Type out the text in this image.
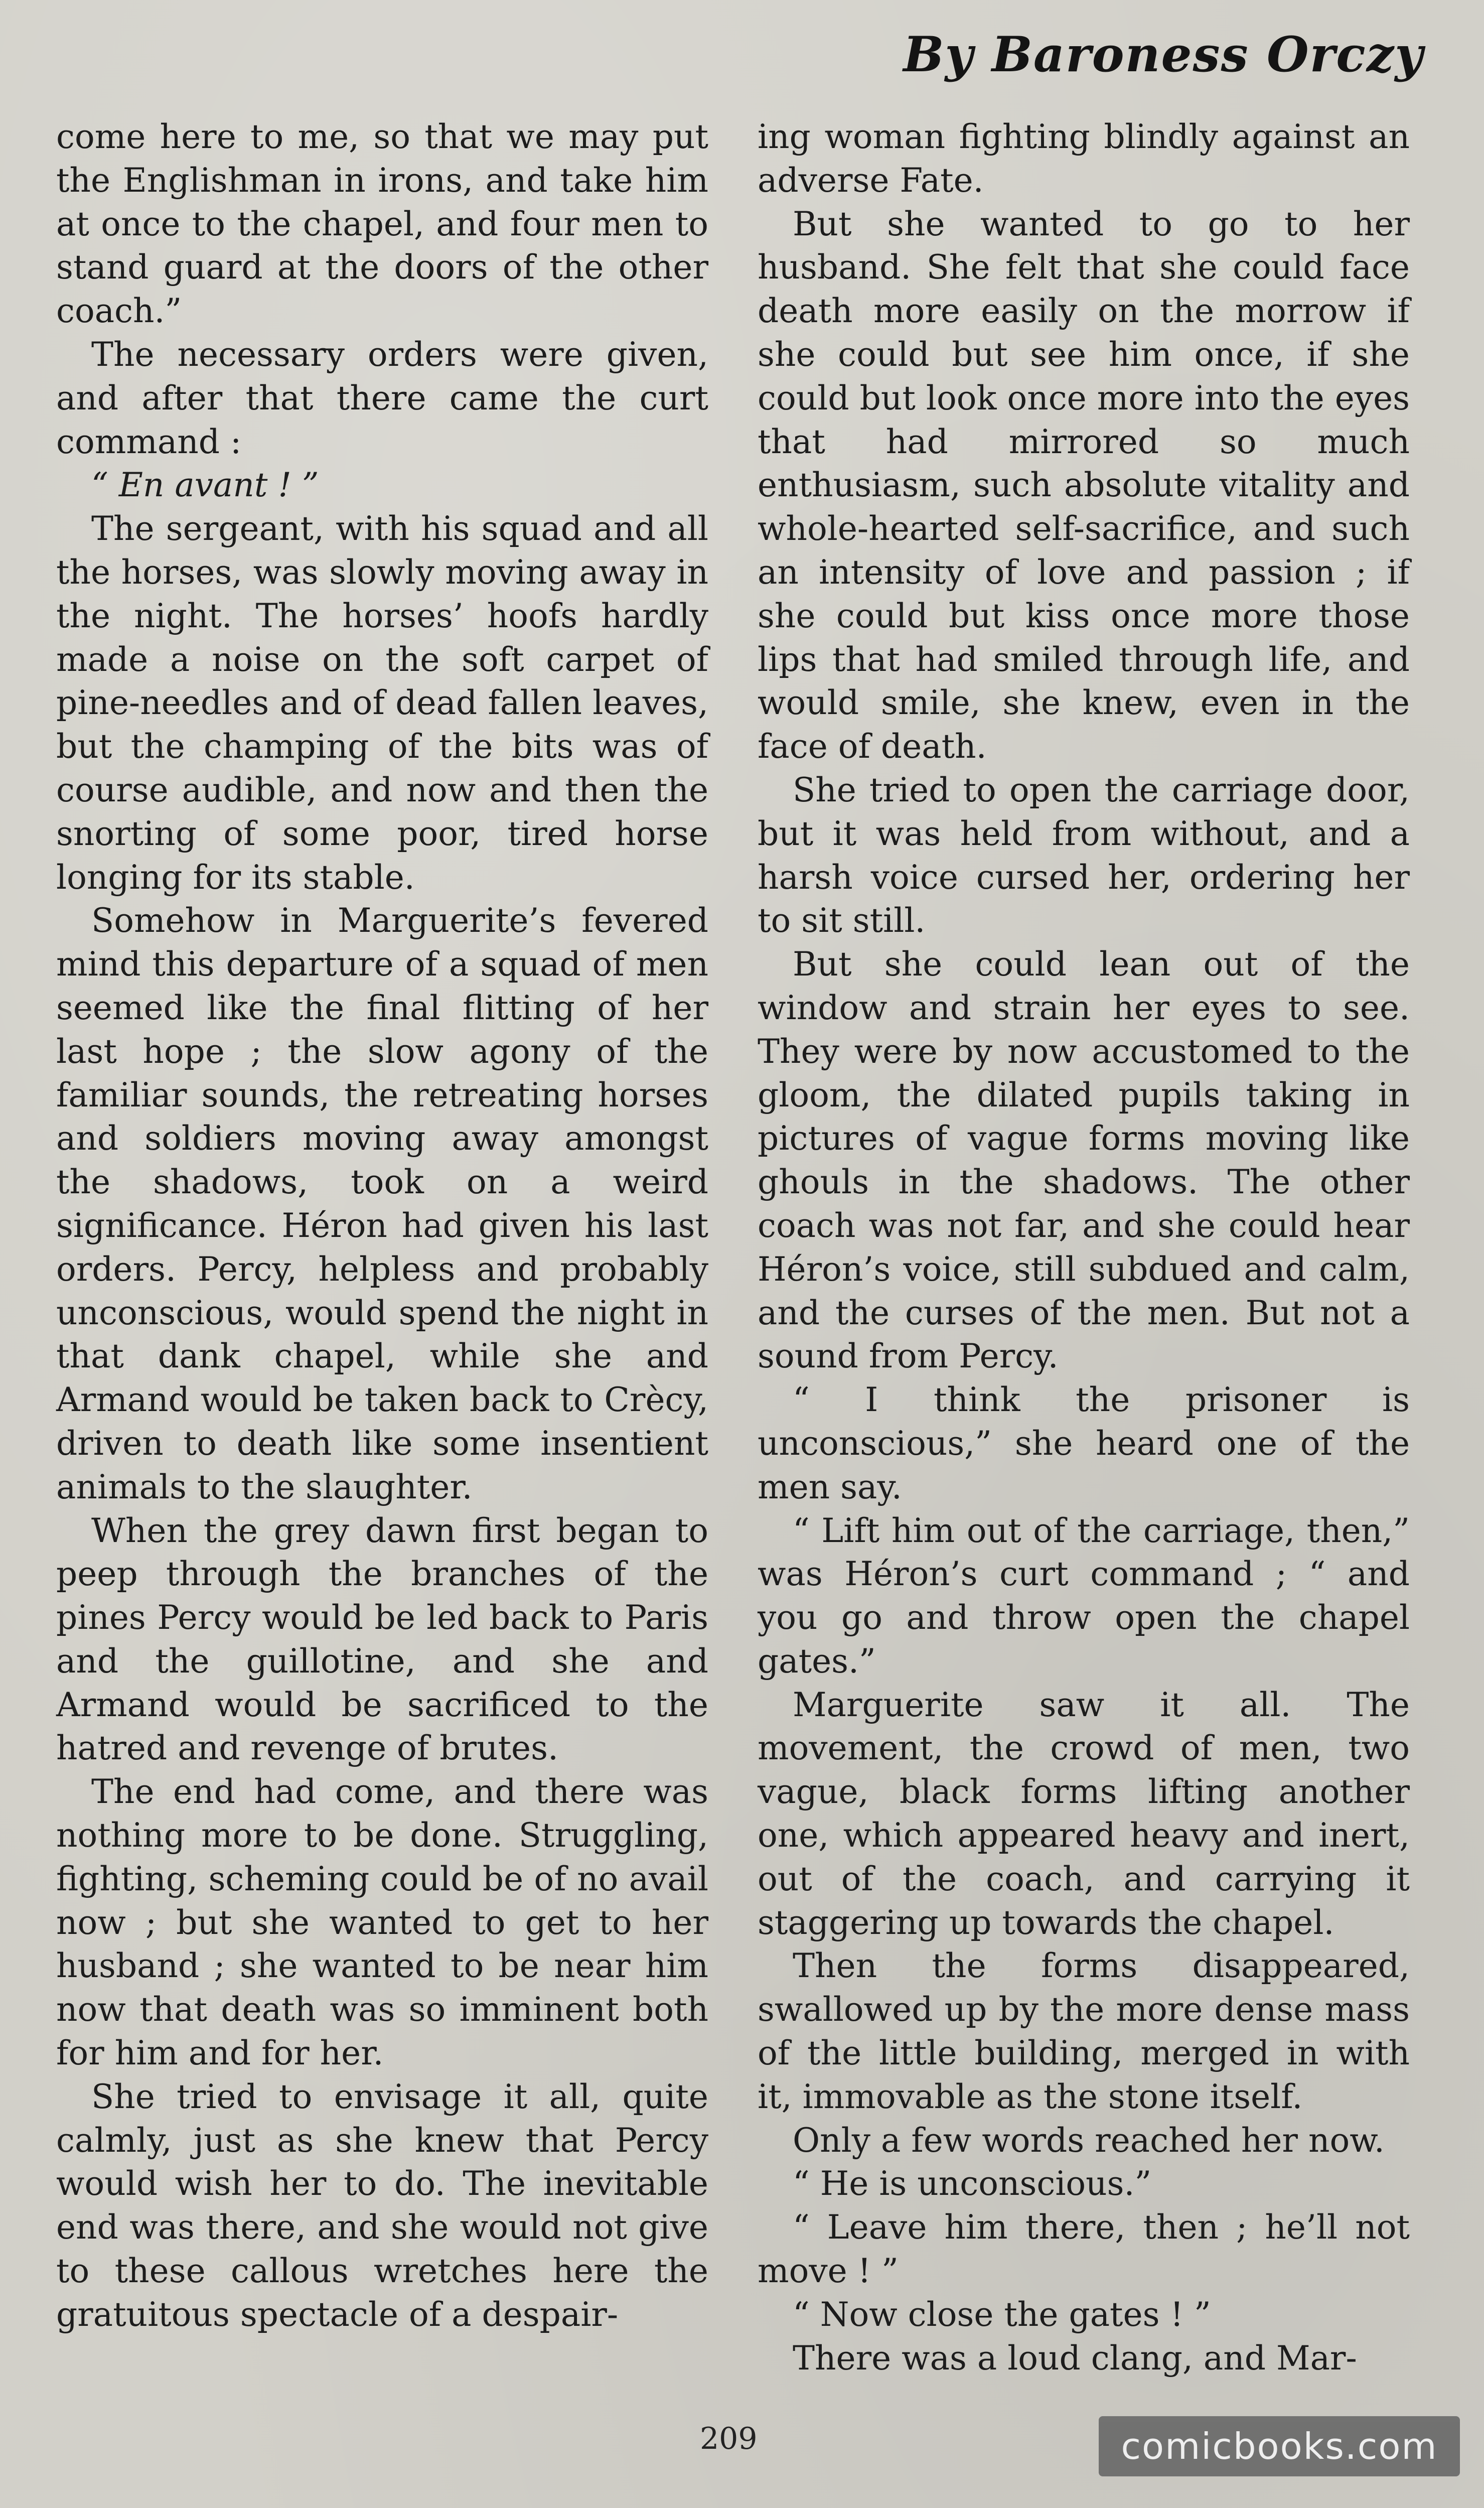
By Baroness Orczy

come here to me, so that we may put the Englishman in irons, and take him at once to the chapel, and four men to stand guard at the doors of the other coach.”

The necessary orders were given, and after that there came the curt command :

“ En avant ! ”

The sergeant, with his squad and all the horses, was slowly moving away in the night. The horses’ hoofs hardly made a noise on the soft carpet of pine-needles and of dead fallen leaves, but the champing of the bits was of course audible, and now and then the snorting of some poor, tired horse longing for its stable.

Somehow in Marguerite’s fevered mind this departure of a squad of men seemed like the final flitting of her last hope ; the slow agony of the familiar sounds, the retreating horses and soldiers moving away amongst the shadows, took on a weird significance. Héron had given his last orders. Percy, helpless and probably unconscious, would spend the night in that dank chapel, while she and Armand would be taken back to Crècy, driven to death like some insentient animals to the slaughter.

When the grey dawn first began to peep through the branches of the pines Percy would be led back to Paris and the guillotine, and she and Armand would be sacrificed to the hatred and revenge of brutes.

The end had come, and there was nothing more to be done. Struggling, fighting, scheming could be of no avail now ; but she wanted to get to her husband ; she wanted to be near him now that death was so imminent both for him and for her.

She tried to envisage it all, quite calmly, just as she knew that Percy would wish her to do. The inevitable end was there, and she would not give to these callous wretches here the gratuitous spectacle of a despair-

ing woman fighting blindly against an adverse Fate.

But she wanted to go to her husband. She felt that she could face death more easily on the morrow if she could but see him once, if she could but look once more into the eyes that had mirrored so much enthusiasm, such absolute vitality and whole-hearted self-sacrifice, and such an intensity of love and passion ; if she could but kiss once more those lips that had smiled through life, and would smile, she knew, even in the face of death.

She tried to open the carriage door, but it was held from without, and a harsh voice cursed her, ordering her to sit still.

But she could lean out of the window and strain her eyes to see. They were by now accustomed to the gloom, the dilated pupils taking in pictures of vague forms moving like ghouls in the shadows. The other coach was not far, and she could hear Héron’s voice, still subdued and calm, and the curses of the men. But not a sound from Percy.

“ I think the prisoner is unconscious,” she heard one of the men say.

“ Lift him out of the carriage, then,” was Héron’s curt command ; “ and you go and throw open the chapel gates.”

Marguerite saw it all. The movement, the crowd of men, two vague, black forms lifting another one, which appeared heavy and inert, out of the coach, and carrying it staggering up towards the chapel.

Then the forms disappeared, swallowed up by the more dense mass of the little building, merged in with it, immovable as the stone itself.

Only a few words reached her now.

“ He is unconscious.”

“ Leave him there, then ; he’ll not move ! ”

“ Now close the gates ! ”

There was a loud clang, and Mar-

209	comicbooks.com
